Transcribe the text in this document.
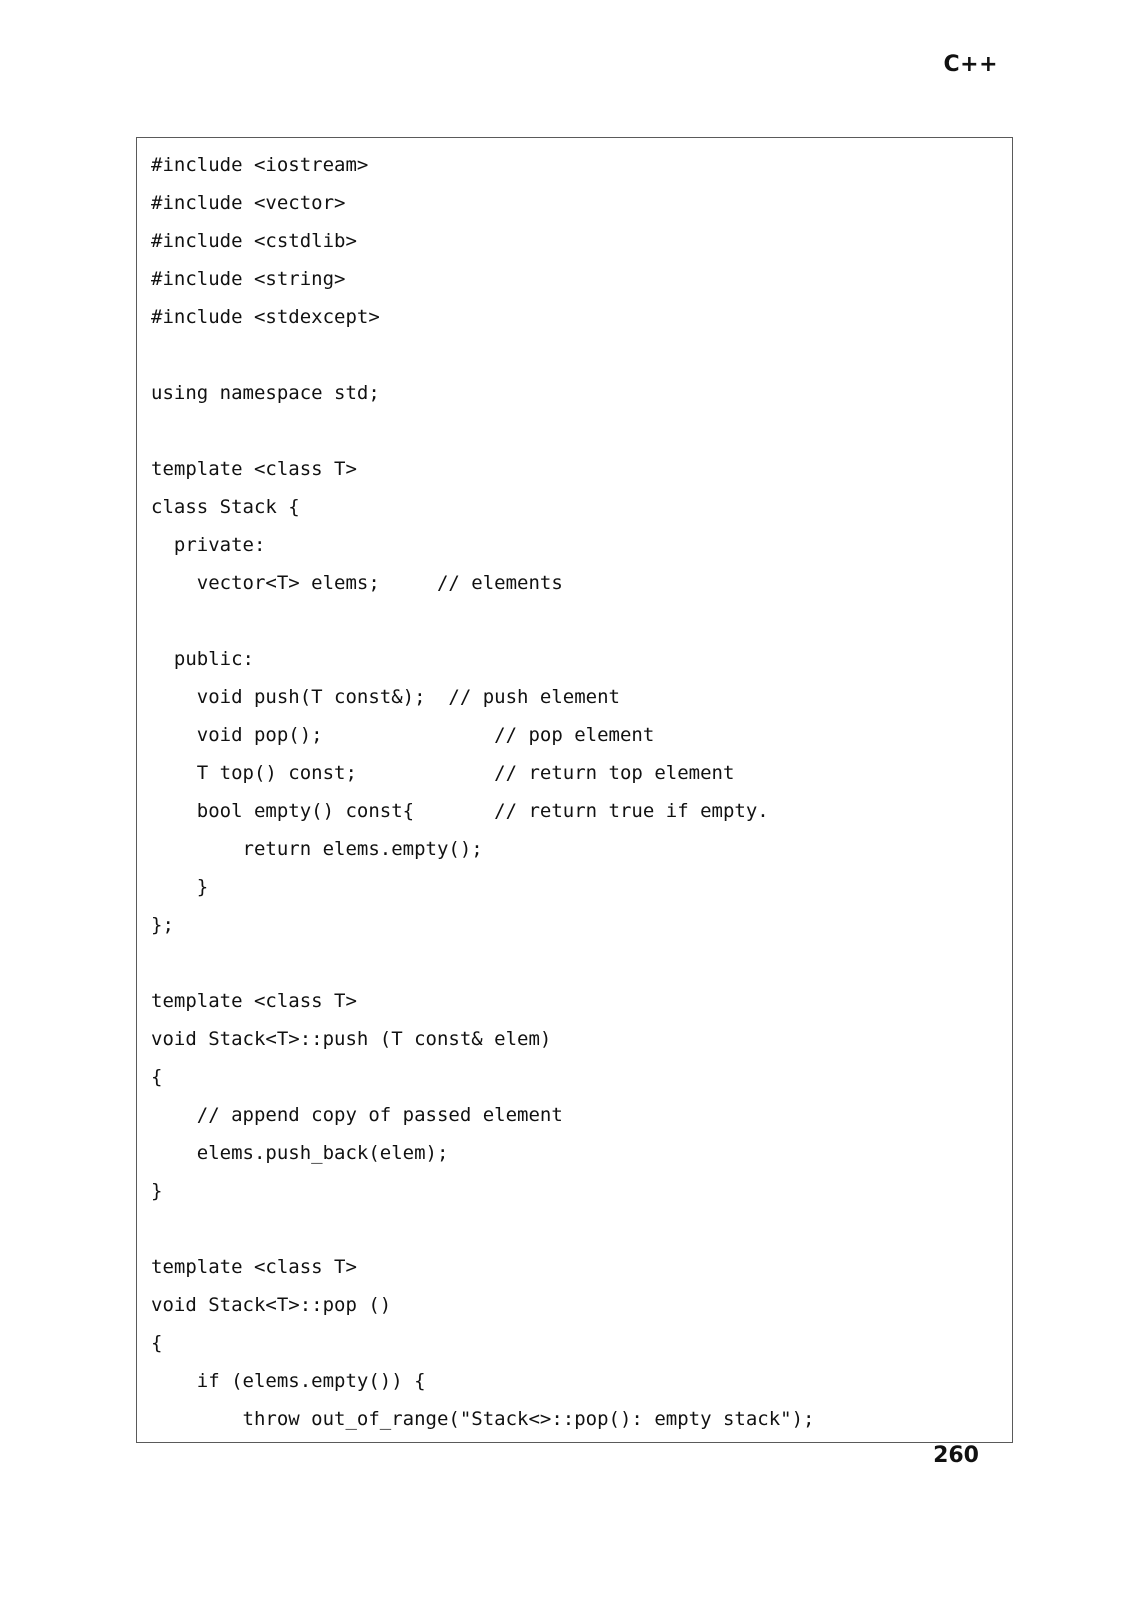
C++
#include <iostream>
#include <vector>
#include <cstdlib>
#include <string>
#include <stdexcept>
using namespace std;
template <class T>
class Stack {
private:
vector<T> elems;     // elements
public:
void push(T const&);  // push element
void pop();               // pop element
T top() const;            // return top element
bool empty() const{       // return true if empty.
return elems.empty();
}
};
template <class T>
void Stack<T>::push (T const& elem)
{
// append copy of passed element
elems.push_back(elem);
}
template <class T>
void Stack<T>::pop ()
{
if (elems.empty()) {
throw out_of_range("Stack<>::pop(): empty stack");
260
